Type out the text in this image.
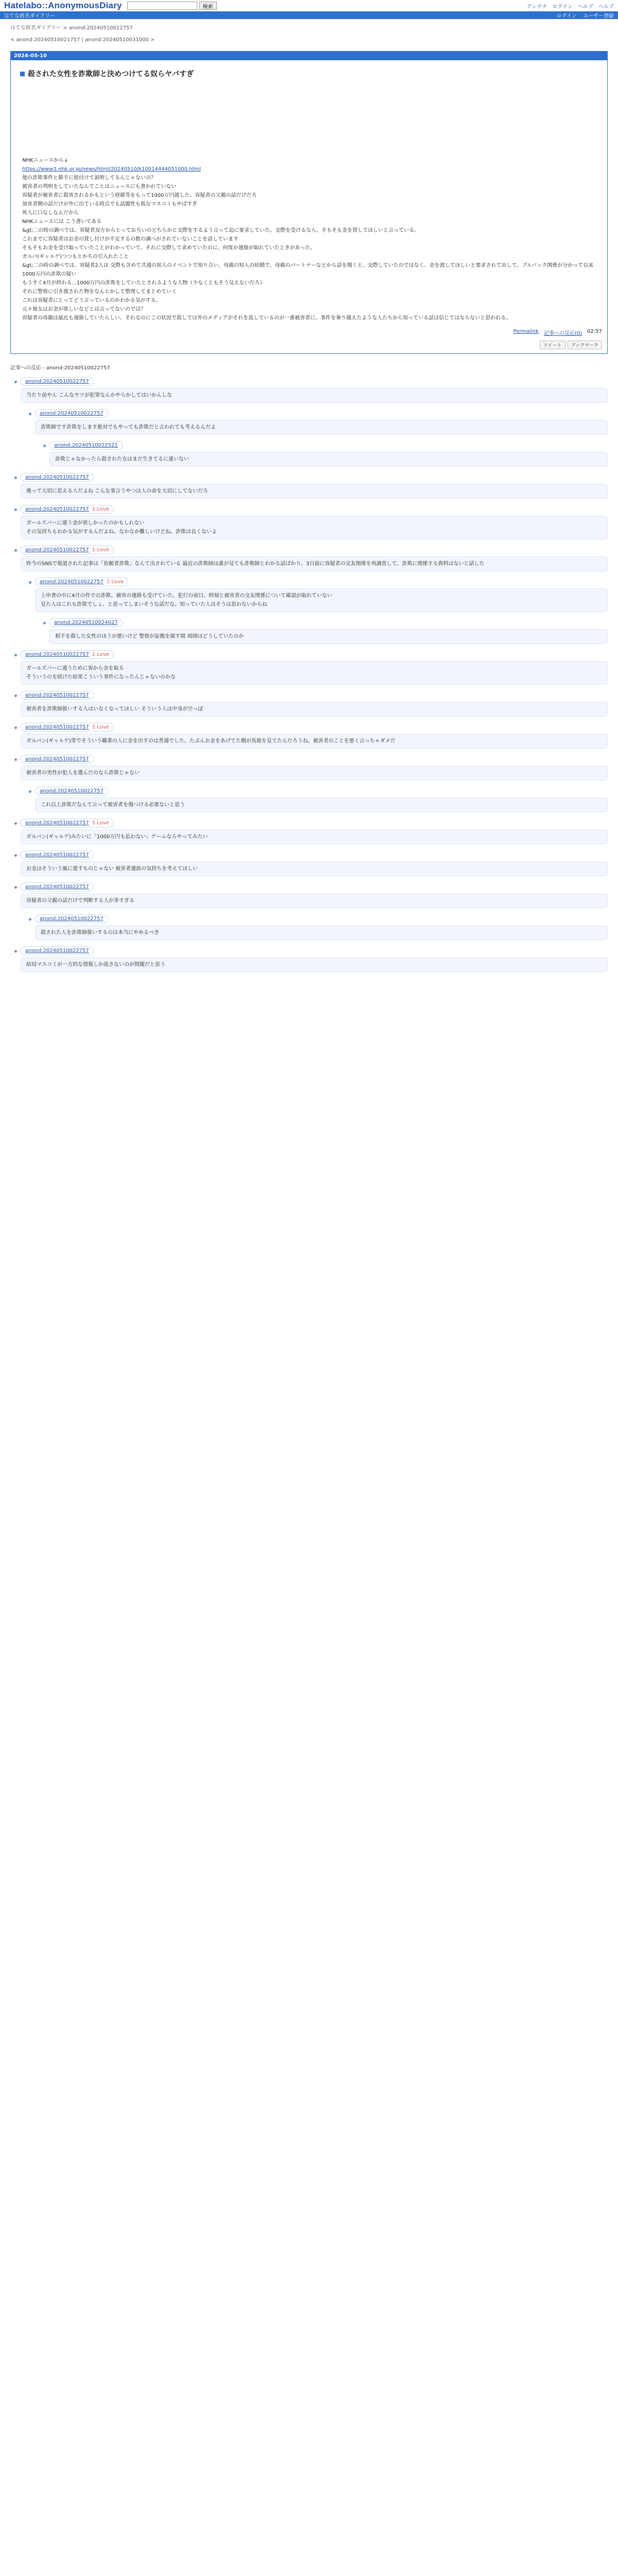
Hatelabo::AnonymousDiary	検索	アンテナ ログイン ヘルプ ヘルプ
はてな匿名ダイアリー	ログイン ユーザー登録
はてな匿名ダイアリー > anond:20240510022757
< anond:20240510021757 | anond:20240510031000 >
2024-05-10
殺された女性を詐欺師と決めつけてる奴らヤバすぎ

NHKニュースから↓

https://www3.nhk.or.jp/news/html/20240510/k10014444051000.html

他の詐欺事件と勝手に紐付けて説明してるんじゃないの？

被害者の判明をしていたなんてことはニュースにも書かれていない

容疑者が被害者に殺害されるかもという経緯等をもって1000万円渡した。容疑者の父親の話だけだろ

加害者側の話だけが外に出ている時点でも話題性も低なマスコミもやばすぎ

死人に口なしなんだから

NHKニュースには こう書いてある

&gt;二の時の調べでは、容疑者双方からとってお互いのどちらかと交際をするよう言って迫に要求していた。交際を受けるなら、そもそも金を貸してほしいと言っている。

これまでに容疑者はお金の貸し付けが不足するの数の調べがされていないことを話しています

そもそもお金を受け取っていたことがわかっていて、それに交際して求めていたのに、何度か連絡が取れていたときがあった。

ガルパ(ギャルゲ)つつもとかちの引入れたこと

&gt;二の時の調べでは、容疑者2人は 交際も含めて共通の知人のイベントで知り合い、母親の知人の結婚で、母親のパートナーなどから話を聞くと、交際していたのではなく、金を渡してほしいと要求されて出して、プルバック関係が分かって以来1000万円の詐欺の疑い

もうすぐ4月が終わる...1000万円の詐欺をしていたとされるような人物（少なくともそう見えないだろ）

それに警察に引き渡された物をなんとかして整理してまとめていく

これは容疑者にとってどう言っているのかわかる気がする。

元々彼女はお金が欲しいなどとは言ってないのでは？

容疑者の母親は最近も連絡していたらしい。それなのにこの状況で殺しては外のメディアがそれを流しているのが一番被害者に、事件を乗り越えたような人たちから知っている話は信じてはならないと思われる。

Permalink 記事への反応(0) 02:57
ツイート	ブックマーク
記事への反応 - anond:20240510022757
anond:20240510022757
当たり前やん こんなヤツが犯罪なんかやらかしてはいかんしな
anond:20240510022757
詐欺師です詐欺をします絶対でもやっても詐欺だと言われても考えるんだよ
anond:20240510022521
詐欺じゃなかったら殺された女はまだ生きてるに違いない
anond:20240510022757
後って大切に思える人だよね こんな事言うやつは人の命を大切にしてないだろ
anond:20240510022757 1 Love
ガールズバーに通う金が欲しかったのかもしれない
その気持ちもわかる気がするんだよね。なかなか難しいけどね。詐欺は良くないよ
anond:20240510022757 1 Love
昨今のSNSで報道された記事は「依頼者詐欺」なんて出されている 最近の詐欺師は誰が見ても詐欺師とわかる話ばかり。3日前に容疑者の交友関係を再調査して、詐欺に関係する資料はないと話した
anond:20240510022757 1 Love
上申書の中に4月の件での詐欺、被害の連絡も受けていた。犯行の前日、時刻と被害者の交友関係について確認が取れていない
見た人はこれも詐欺でしょ、と思ってしまいそうな話だな。知っていた人はそうは思わないからね
anond:20240510024027
相手を殺した女性のほうが悪いけど 警察が証拠を探す間 周囲はどうしていたのか
anond:20240510022757 1 Love
ガールズバーに通うために客から金を取る
そういうのを続けた結果こういう事件になったんじゃないのかな
anond:20240510022757
被害者を詐欺師扱いする人はいなくなってほしい そういう人は中身が空っぽ
anond:20240510022757 1 Love
ガルパン(ギャルゲ)等でそういう職業の人に金を出すのは普通でした。たぶんお金をあげてた側が馬鹿を見てたんだろうね。被害者のことを悪く言っちゃダメだ
anond:20240510022757
被害者の男性が犯人を選んだのなら詐欺じゃない
anond:20240510022757
これ以上詐欺だなんて言って被害者を傷つける必要ないと思う
anond:20240510022757 1 Love
ガルパン(ギャルゲ)みたいに「1000万円も払わない」ゲームならやってみたい
anond:20240510022757
お金はそういう風に渡すものじゃない 被害者遺族の気持ちを考えてほしい
anond:20240510022757
容疑者の父親の話だけで判断する人が多すぎる
anond:20240510022757
殺された人を詐欺師扱いするのは本当にやめるべき
anond:20240510022757
結局マスコミが一方的な情報しか流さないのが問題だと思う
